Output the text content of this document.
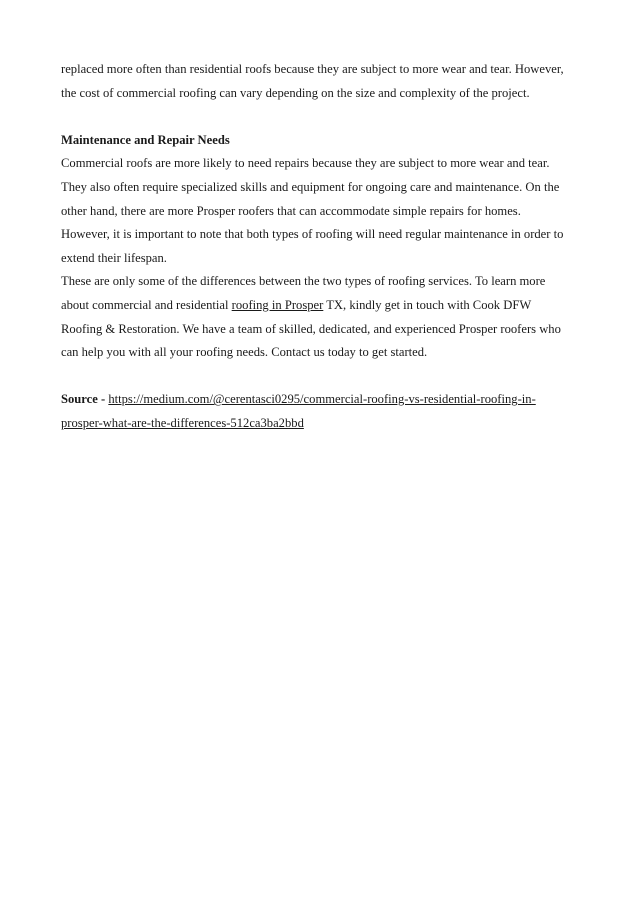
replaced more often than residential roofs because they are subject to more wear and tear. However,
the cost of commercial roofing can vary depending on the size and complexity of the project.
Maintenance and Repair Needs
Commercial roofs are more likely to need repairs because they are subject to more wear and tear.
They also often require specialized skills and equipment for ongoing care and maintenance. On the
other hand, there are more Prosper roofers that can accommodate simple repairs for homes.
However, it is important to note that both types of roofing will need regular maintenance in order to
extend their lifespan.
These are only some of the differences between the two types of roofing services. To learn more
about commercial and residential roofing in Prosper TX, kindly get in touch with Cook DFW
Roofing & Restoration. We have a team of skilled, dedicated, and experienced Prosper roofers who
can help you with all your roofing needs. Contact us today to get started.
Source - https://medium.com/@cerentasci0295/commercial-roofing-vs-residential-roofing-in-
prosper-what-are-the-differences-512ca3ba2bbd
